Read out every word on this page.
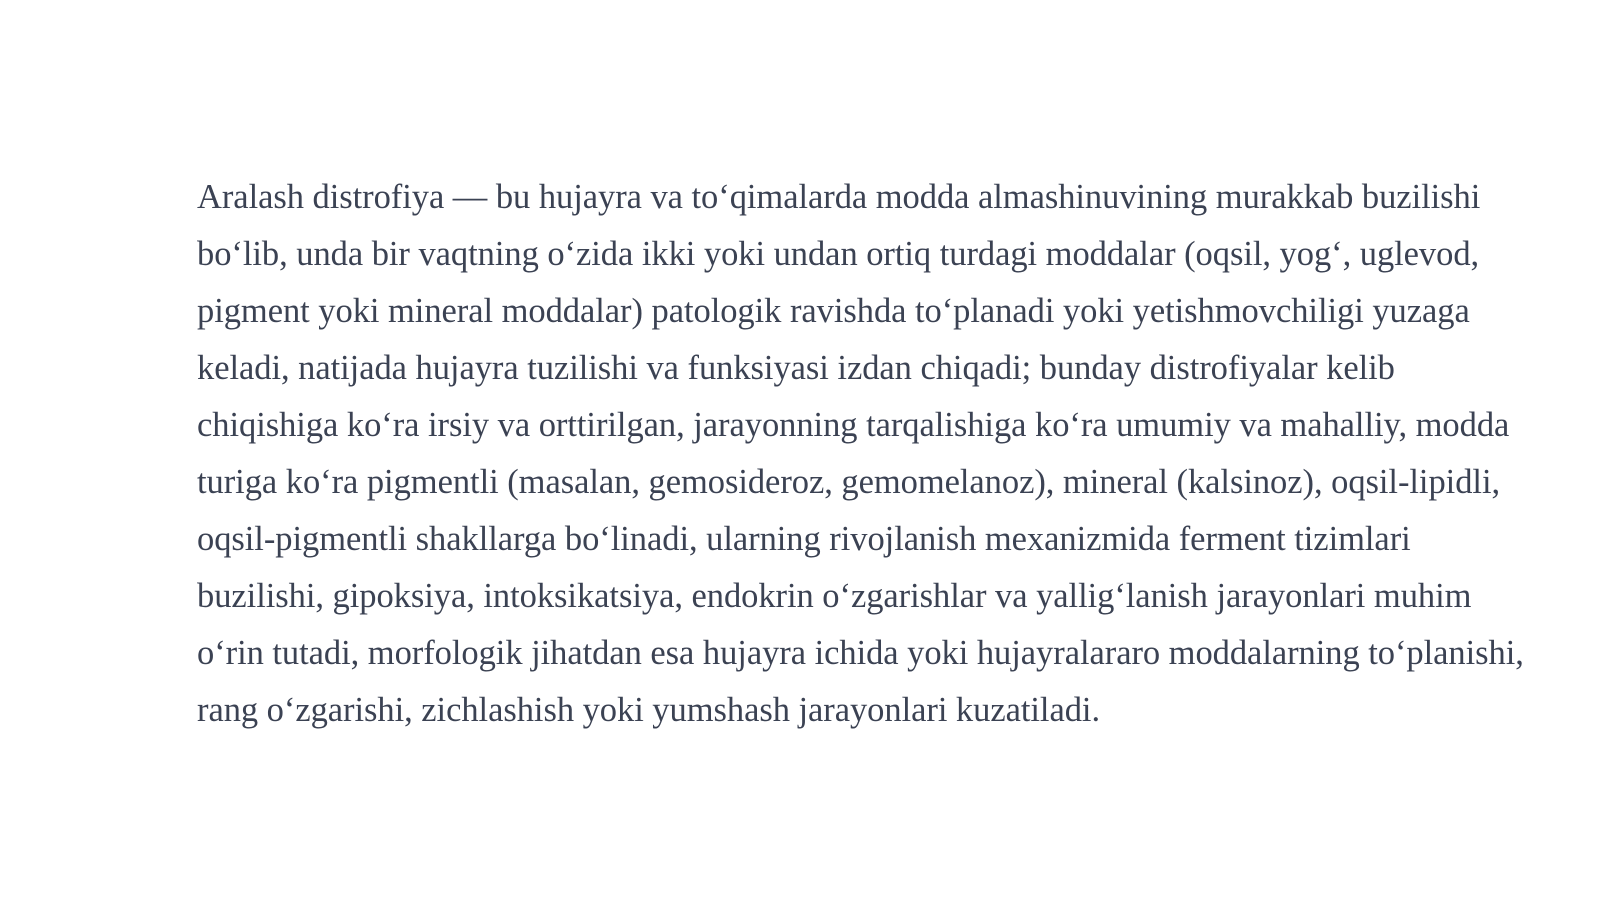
Aralash distrofiya — bu hujayra va to‘qimalarda modda almashinuvining murakkab buzilishi bo‘lib, unda bir vaqtning o‘zida ikki yoki undan ortiq turdagi moddalar (oqsil, yog‘, uglevod, pigment yoki mineral moddalar) patologik ravishda to‘planadi yoki yetishmovchiligi yuzaga keladi, natijada hujayra tuzilishi va funksiyasi izdan chiqadi; bunday distrofiyalar kelib chiqishiga ko‘ra irsiy va orttirilgan, jarayonning tarqalishiga ko‘ra umumiy va mahalliy, modda turiga ko‘ra pigmentli (masalan, gemosideroz, gemomelanoz), mineral (kalsinoz), oqsil-lipidli, oqsil-pigmentli shakllarga bo‘linadi, ularning rivojlanish mexanizmida ferment tizimlari buzilishi, gipoksiya, intoksikatsiya, endokrin o‘zgarishlar va yallig‘lanish jarayonlari muhim o‘rin tutadi, morfologik jihatdan esa hujayra ichida yoki hujayralararo moddalarning to‘planishi, rang o‘zgarishi, zichlashish yoki yumshash jarayonlari kuzatiladi.
